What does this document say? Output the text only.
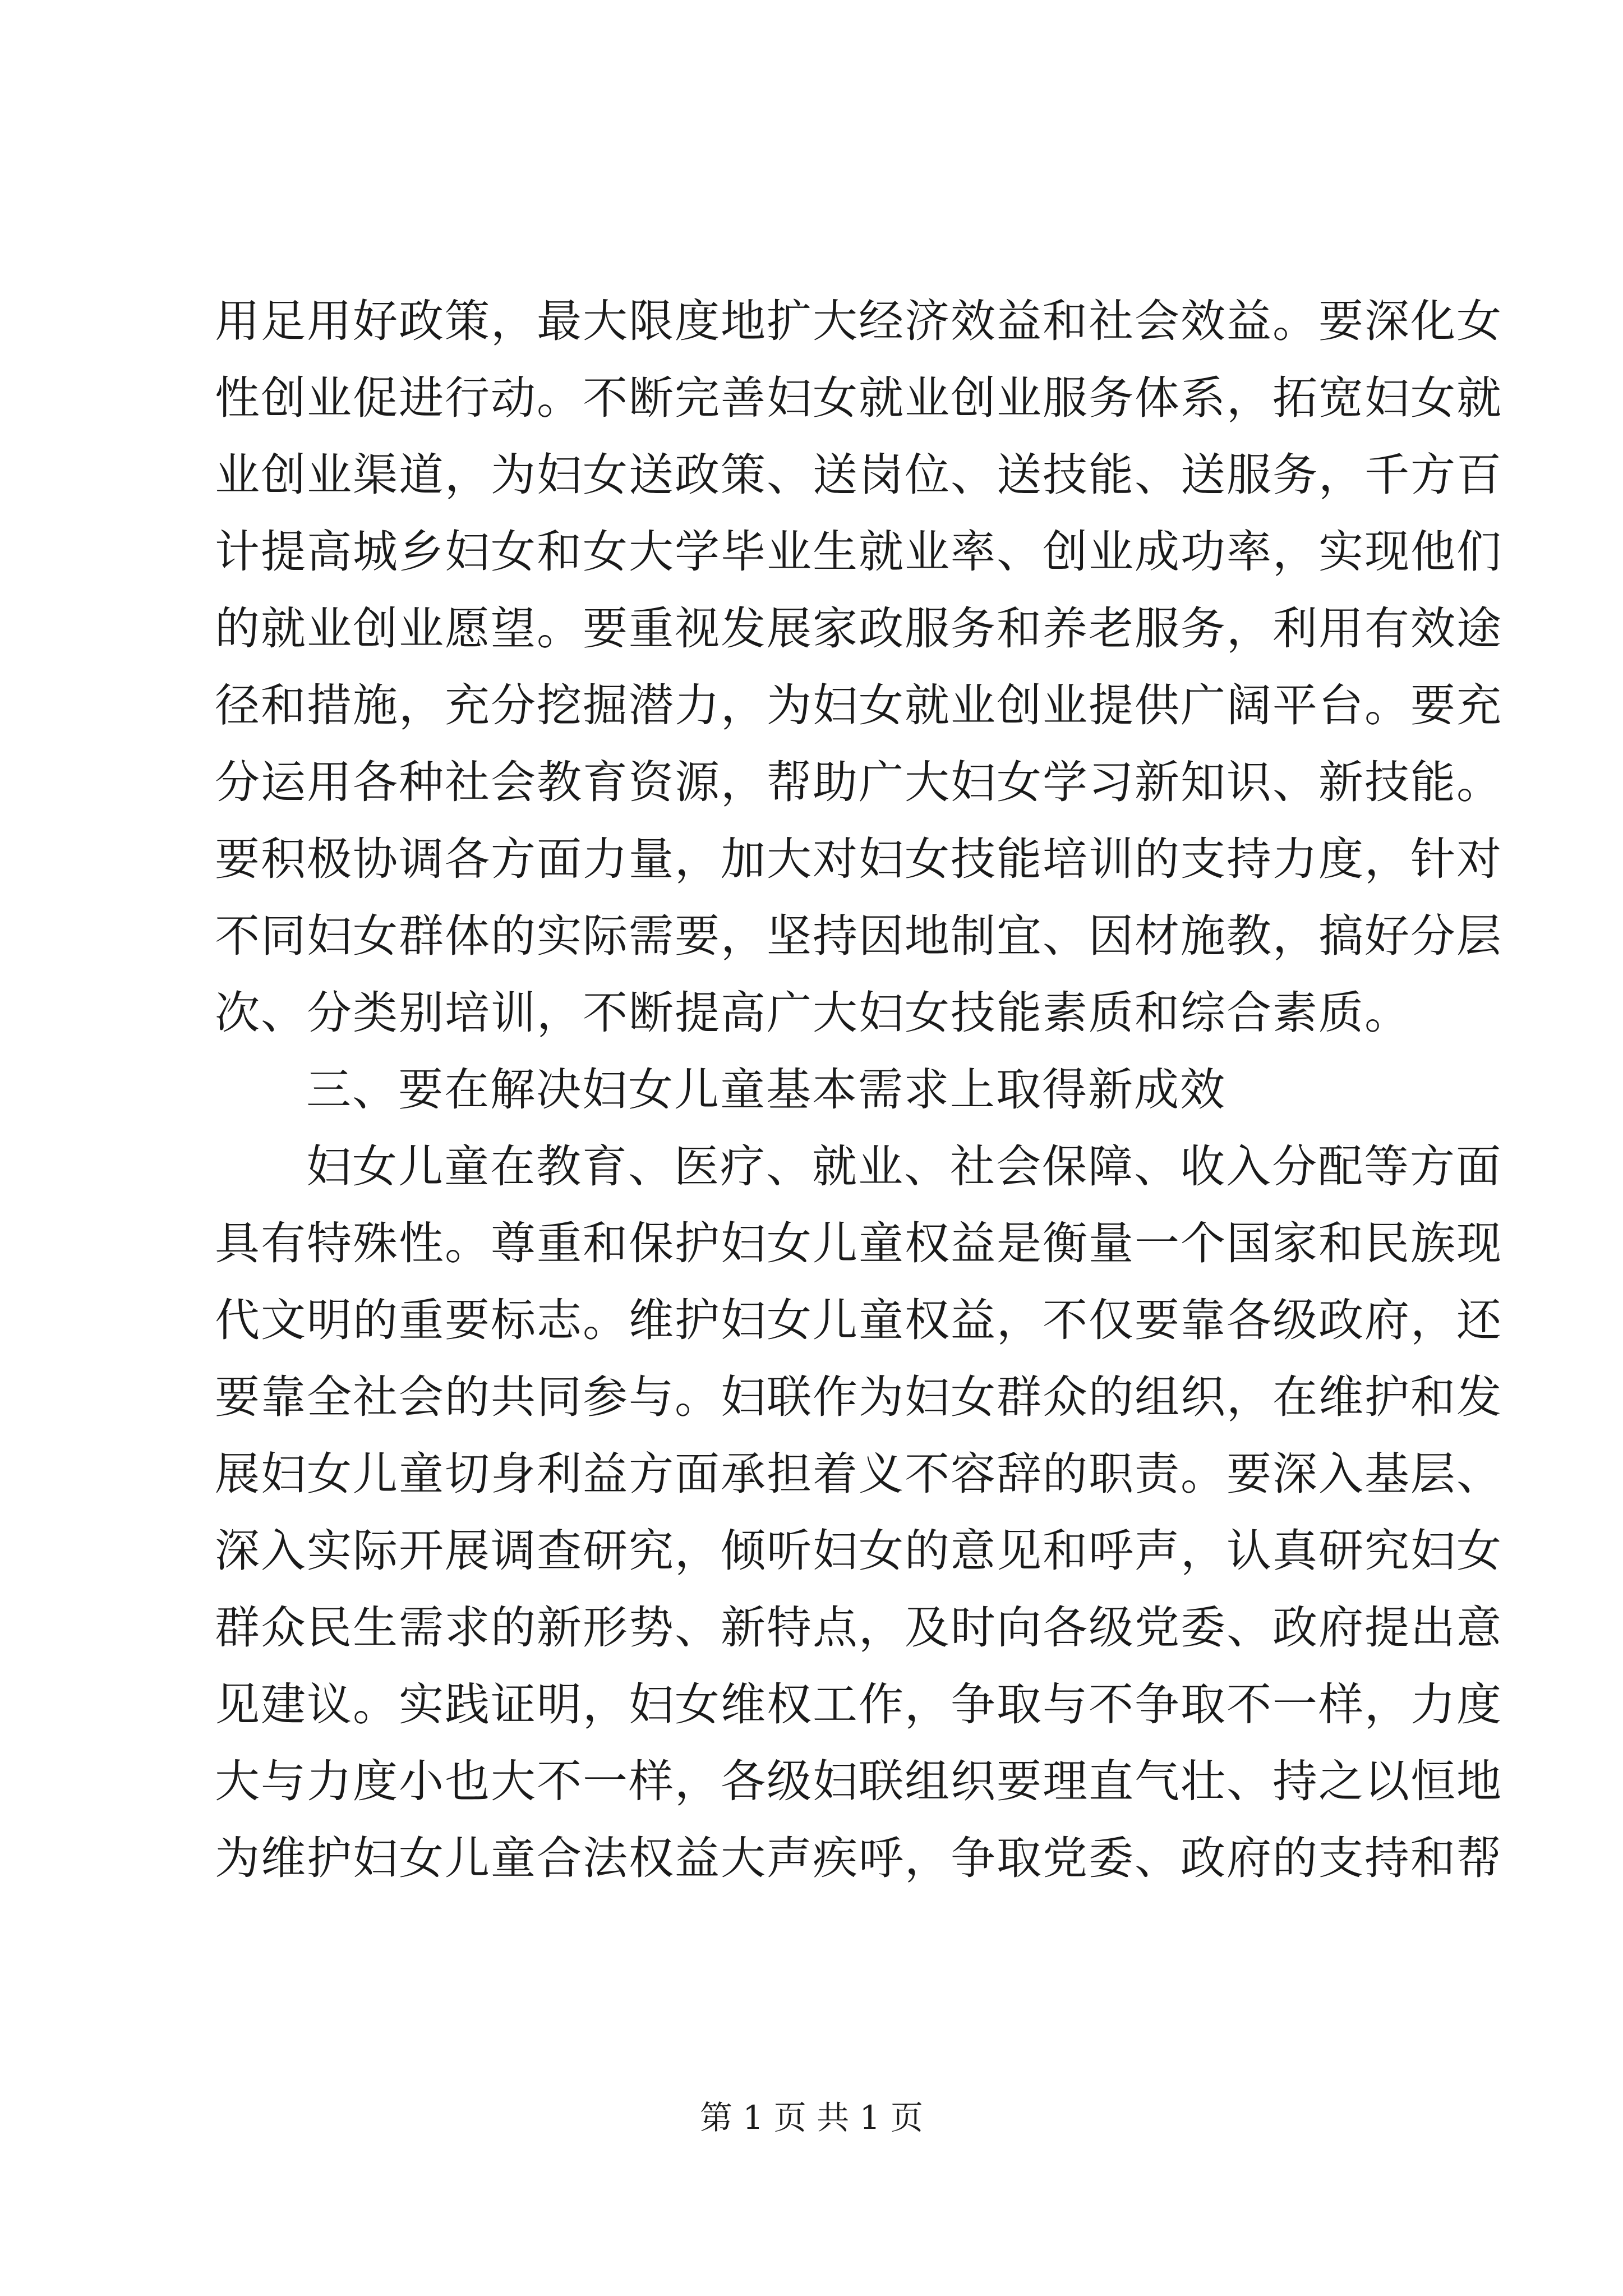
用足用好政策，最大限度地扩大经济效益和社会效益。要深化女
性创业促进行动。不断完善妇女就业创业服务体系，拓宽妇女就
业创业渠道，为妇女送政策、送岗位、送技能、送服务，千方百
计提高城乡妇女和女大学毕业生就业率、创业成功率，实现他们
的就业创业愿望。要重视发展家政服务和养老服务，利用有效途
径和措施，充分挖掘潜力，为妇女就业创业提供广阔平台。要充
分运用各种社会教育资源，帮助广大妇女学习新知识、新技能。
要积极协调各方面力量，加大对妇女技能培训的支持力度，针对
不同妇女群体的实际需要，坚持因地制宜、因材施教，搞好分层
次、分类别培训，不断提高广大妇女技能素质和综合素质。
三、要在解决妇女儿童基本需求上取得新成效
妇女儿童在教育、医疗、就业、社会保障、收入分配等方面
具有特殊性。尊重和保护妇女儿童权益是衡量一个国家和民族现
代文明的重要标志。维护妇女儿童权益，不仅要靠各级政府，还
要靠全社会的共同参与。妇联作为妇女群众的组织，在维护和发
展妇女儿童切身利益方面承担着义不容辞的职责。要深入基层、
深入实际开展调查研究，倾听妇女的意见和呼声，认真研究妇女
群众民生需求的新形势、新特点，及时向各级党委、政府提出意
见建议。实践证明，妇女维权工作，争取与不争取不一样，力度
大与力度小也大不一样，各级妇联组织要理直气壮、持之以恒地
为维护妇女儿童合法权益大声疾呼，争取党委、政府的支持和帮
第 1 页 共 1 页
